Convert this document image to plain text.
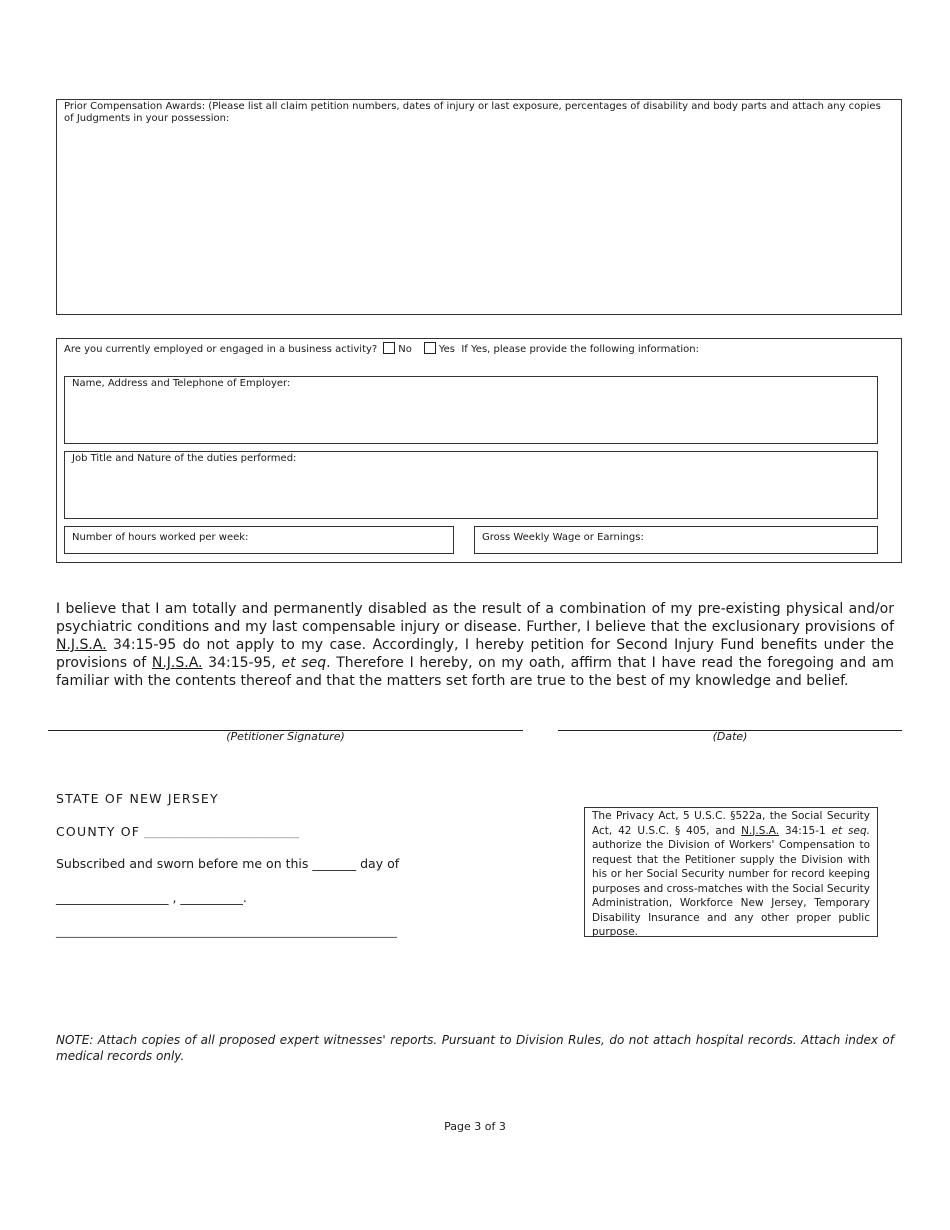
Prior Compensation Awards: (Please list all claim petition numbers, dates of injury or last exposure, percentages of disability and body parts and attach any copies of Judgments in your possession:
Are you currently employed or engaged in a business activity? No	Yes If Yes, please provide the following information:
Name, Address and Telephone of Employer:
Job Title and Nature of the duties performed:
Number of hours worked per week:	Gross Weekly Wage or Earnings:
I believe that I am totally and permanently disabled as the result of a combination of my pre-existing physical and/or psychiatric conditions and my last compensable injury or disease. Further, I believe that the exclusionary provisions of N.J.S.A. 34:15-95 do not apply to my case. Accordingly, I hereby petition for Second Injury Fund benefits under the provisions of N.J.S.A. 34:15-95, et seq. Therefore I hereby, on my oath, affirm that I have read the foregoing and am familiar with the contents thereof and that the matters set forth are true to the best of my knowledge and belief.
(Petitioner Signature)	(Date)
STATE OF NEW JERSEY
COUNTY OF _______________________________
Subscribed and sworn before me on this _______ day of
__________________ , __________.
______________________________________________________________
The Privacy Act, 5 U.S.C. §522a, the Social Security Act, 42 U.S.C. § 405, and N.J.S.A. 34:15-1 et seq. authorize the Division of Workers' Compensation to request that the Petitioner supply the Division with his or her Social Security number for record keeping purposes and cross-matches with the Social Security Administration, Workforce New Jersey, Temporary Disability Insurance and any other proper public purpose.
NOTE: Attach copies of all proposed expert witnesses' reports. Pursuant to Division Rules, do not attach hospital records. Attach index of medical records only.
Page 3 of 3
